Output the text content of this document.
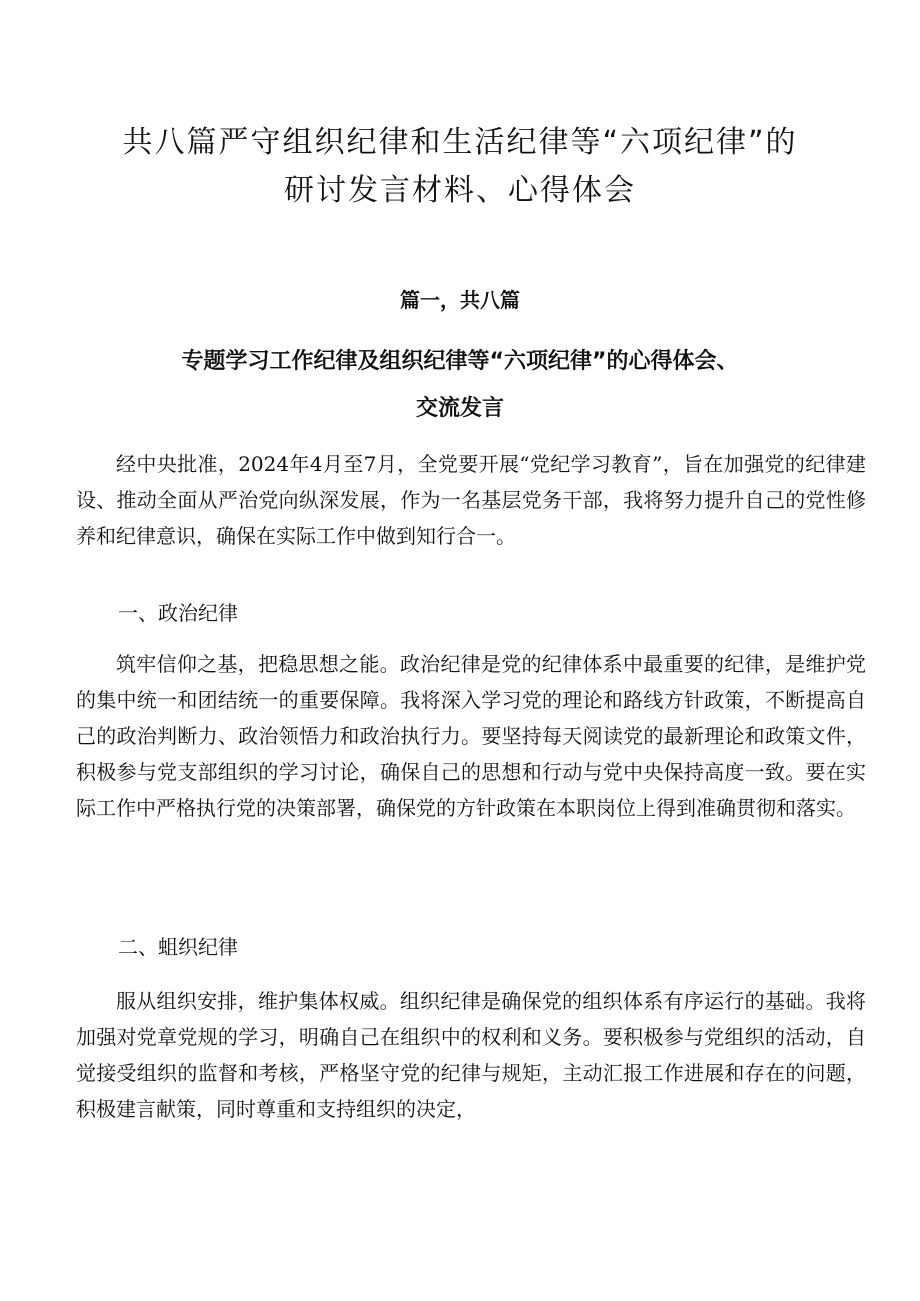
共八篇严守组织纪律和生活纪律等“六项纪律”的
研讨发言材料、心得体会
篇一，共八篇
专题学习工作纪律及组织纪律等“六项纪律”的心得体会、
交流发言

经中央批准，2024年4月至7月，全党要开展“党纪学习教育”，旨在加强党的纪律建设、推动全面从严治党向纵深发展，作为一名基层党务干部，我将努力提升自己的党性修养和纪律意识，确保在实际工作中做到知行合一。

一、政治纪律

筑牢信仰之基，把稳思想之能。政治纪律是党的纪律体系中最重要的纪律，是维护党的集中统一和团结统一的重要保障。我将深入学习党的理论和路线方针政策，不断提高自己的政治判断力、政治领悟力和政治执行力。要坚持每天阅读党的最新理论和政策文件，积极参与党支部组织的学习讨论，确保自己的思想和行动与党中央保持高度一致。要在实际工作中严格执行党的决策部署，确保党的方针政策在本职岗位上得到准确贯彻和落实。

二、蛆织纪律

服从组织安排，维护集体权威。组织纪律是确保党的组织体系有序运行的基础。我将加强对党章党规的学习，明确自己在组织中的权利和义务。要积极参与党组织的活动，自觉接受组织的监督和考核，严格坚守党的纪律与规矩，主动汇报工作进展和存在的问题，积极建言献策，同时尊重和支持组织的决定，
